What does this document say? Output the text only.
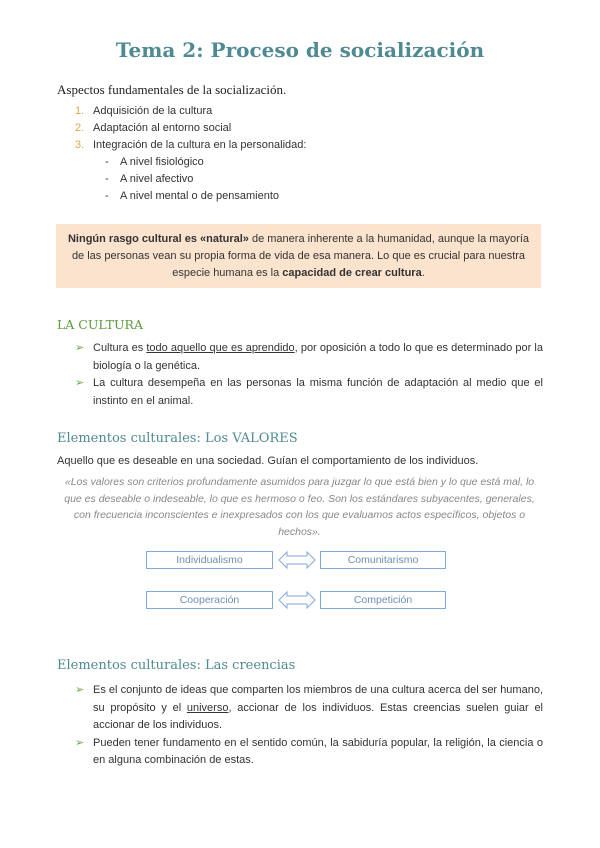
Tema 2: Proceso de socialización
Aspectos fundamentales de la socialización.
1. Adquisición de la cultura
2. Adaptación al entorno social
3. Integración de la cultura en la personalidad:
-	A nivel fisiológico
-	A nivel afectivo
-	A nivel mental o de pensamiento
Ningún rasgo cultural es «natural» de manera inherente a la humanidad, aunque la mayoría de las personas vean su propia forma de vida de esa manera. Lo que es crucial para nuestra especie humana es la capacidad de crear cultura.
LA CULTURA
➢ Cultura es todo aquello que es aprendido, por oposición a todo lo que es determinado por la biología o la genética.
➢ La cultura desempeña en las personas la misma función de adaptación al medio que el instinto en el animal.
Elementos culturales: Los VALORES
Aquello que es deseable en una sociedad. Guían el comportamiento de los individuos.
«Los valores son criterios profundamente asumidos para juzgar lo que está bien y lo que está mal, lo que es deseable o indeseable, lo que es hermoso o feo. Son los estándares subyacentes, generales, con frecuencia inconscientes e inexpresados con los que evaluamos actos específicos, objetos o hechos».
Individualismo	Comunitarismo
Cooperación	Competición
Elementos culturales: Las creencias
➢ Es el conjunto de ideas que comparten los miembros de una cultura acerca del ser humano, su propósito y el universo, accionar de los individuos. Estas creencias suelen guiar el accionar de los individuos.
➢ Pueden tener fundamento en el sentido común, la sabiduría popular, la religión, la ciencia o en alguna combinación de estas.
